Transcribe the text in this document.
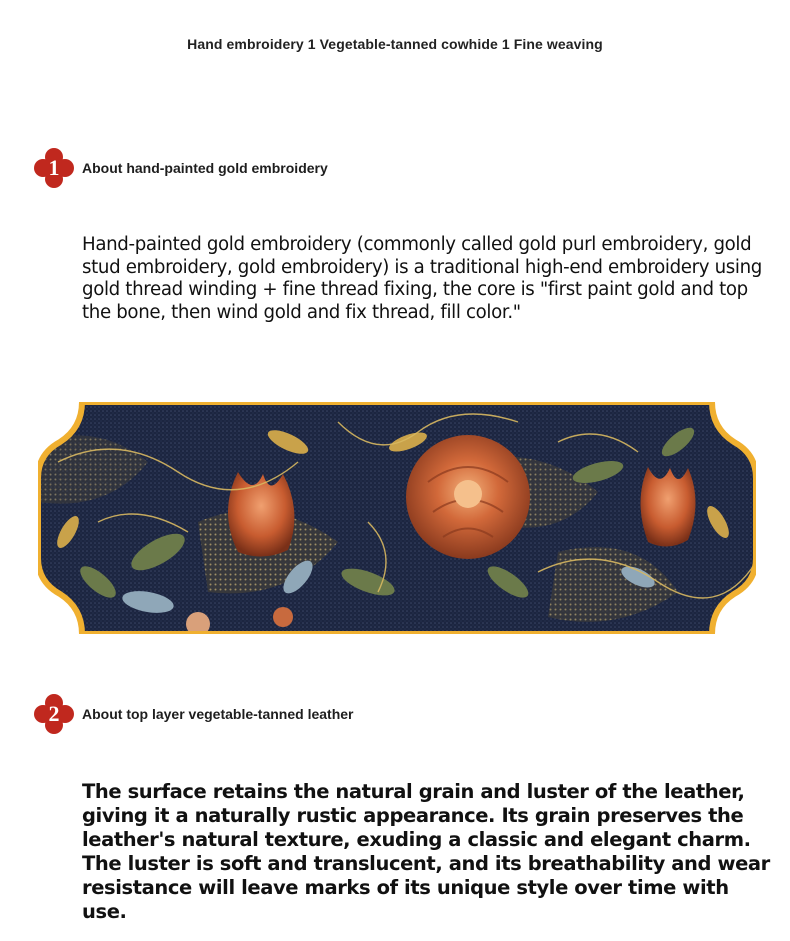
Hand embroidery 1 Vegetable-tanned cowhide 1 Fine weaving
1	About hand-painted gold embroidery
Hand-painted gold embroidery (commonly called gold purl embroidery, gold stud embroidery, gold embroidery) is a traditional high-end embroidery using gold thread winding + fine thread fixing, the core is "first paint gold and top the bone, then wind gold and fix thread, fill color."
2	About top layer vegetable-tanned leather
The surface retains the natural grain and luster of the leather, giving it a naturally rustic appearance. Its grain preserves the leather's natural texture, exuding a classic and elegant charm. The luster is soft and translucent, and its breathability and wear resistance will leave marks of its unique style over time with use.
